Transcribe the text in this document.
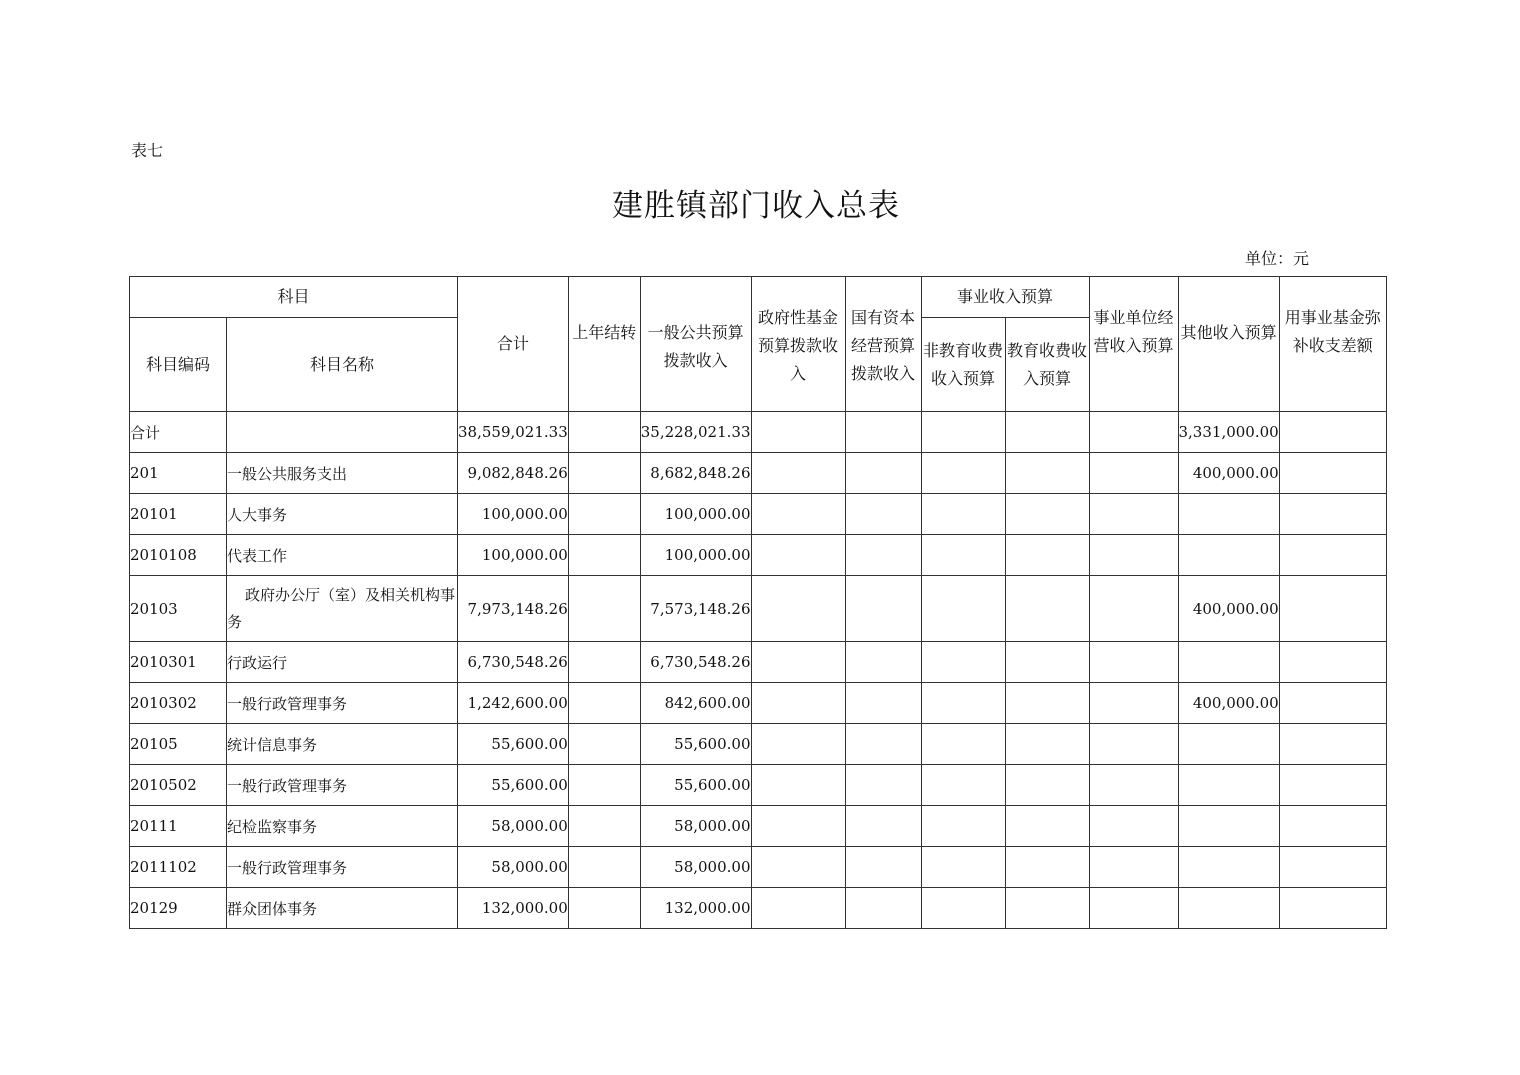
表七
建胜镇部门收入总表
单位：元
科目		合计	上年结转	一般公共预算拨款收入	政府性基金预算拨款收入	国有资本经营预算拨款收入	事业收入预算		事业单位经营收入预算	其他收入预算	用事业基金弥补收支差额
科目编码	科目名称						非教育收费收入预算	教育收费收入预算			
合计		38,559,021.33		35,228,021.33						3,331,000.00	
201	一般公共服务支出	9,082,848.26		8,682,848.26						400,000.00	
20101	人大事务	100,000.00		100,000.00							
2010108	代表工作	100,000.00		100,000.00							
20103	政府办公厅（室）及相关机构事务	7,973,148.26		7,573,148.26						400,000.00	
2010301	行政运行	6,730,548.26		6,730,548.26							
2010302	一般行政管理事务	1,242,600.00		842,600.00						400,000.00	
20105	统计信息事务	55,600.00		55,600.00							
2010502	一般行政管理事务	55,600.00		55,600.00							
20111	纪检监察事务	58,000.00		58,000.00							
2011102	一般行政管理事务	58,000.00		58,000.00							
20129	群众团体事务	132,000.00		132,000.00							
